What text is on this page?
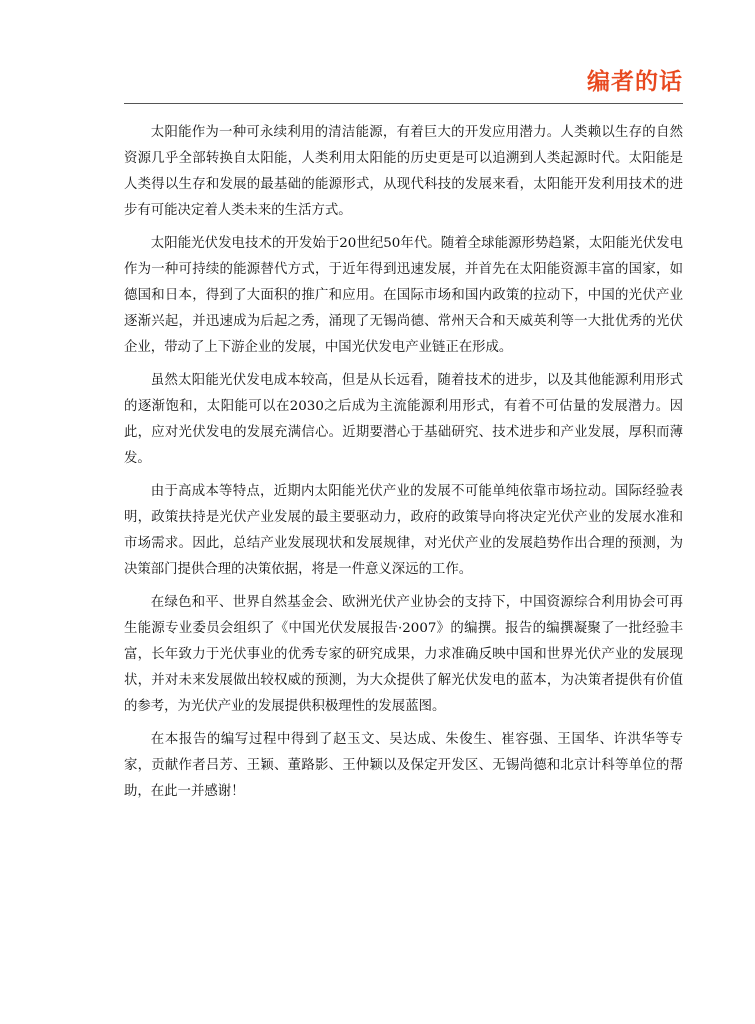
编者的话

太阳能作为一种可永续利用的清洁能源，有着巨大的开发应用潜力。人类赖以生存的自然资源几乎全部转换自太阳能，人类利用太阳能的历史更是可以追溯到人类起源时代。太阳能是人类得以生存和发展的最基础的能源形式，从现代科技的发展来看，太阳能开发利用技术的进步有可能决定着人类未来的生活方式。

太阳能光伏发电技术的开发始于20世纪50年代。随着全球能源形势趋紧，太阳能光伏发电作为一种可持续的能源替代方式，于近年得到迅速发展，并首先在太阳能资源丰富的国家，如德国和日本，得到了大面积的推广和应用。在国际市场和国内政策的拉动下，中国的光伏产业逐渐兴起，并迅速成为后起之秀，涌现了无锡尚德、常州天合和天威英利等一大批优秀的光伏企业，带动了上下游企业的发展，中国光伏发电产业链正在形成。

虽然太阳能光伏发电成本较高，但是从长远看，随着技术的进步，以及其他能源利用形式的逐渐饱和，太阳能可以在2030之后成为主流能源利用形式，有着不可估量的发展潜力。因此，应对光伏发电的发展充满信心。近期要潜心于基础研究、技术进步和产业发展，厚积而薄发。

由于高成本等特点，近期内太阳能光伏产业的发展不可能单纯依靠市场拉动。国际经验表明，政策扶持是光伏产业发展的最主要驱动力，政府的政策导向将决定光伏产业的发展水准和市场需求。因此，总结产业发展现状和发展规律，对光伏产业的发展趋势作出合理的预测，为决策部门提供合理的决策依据，将是一件意义深远的工作。

在绿色和平、世界自然基金会、欧洲光伏产业协会的支持下，中国资源综合利用协会可再生能源专业委员会组织了《中国光伏发展报告·2007》的编撰。报告的编撰凝聚了一批经验丰富，长年致力于光伏事业的优秀专家的研究成果，力求准确反映中国和世界光伏产业的发展现状，并对未来发展做出较权威的预测，为大众提供了解光伏发电的蓝本，为决策者提供有价值的参考，为光伏产业的发展提供积极理性的发展蓝图。

在本报告的编写过程中得到了赵玉文、吴达成、朱俊生、崔容强、王国华、许洪华等专家，贡献作者吕芳、王颖、董路影、王仲颖以及保定开发区、无锡尚德和北京计科等单位的帮助，在此一并感谢！
